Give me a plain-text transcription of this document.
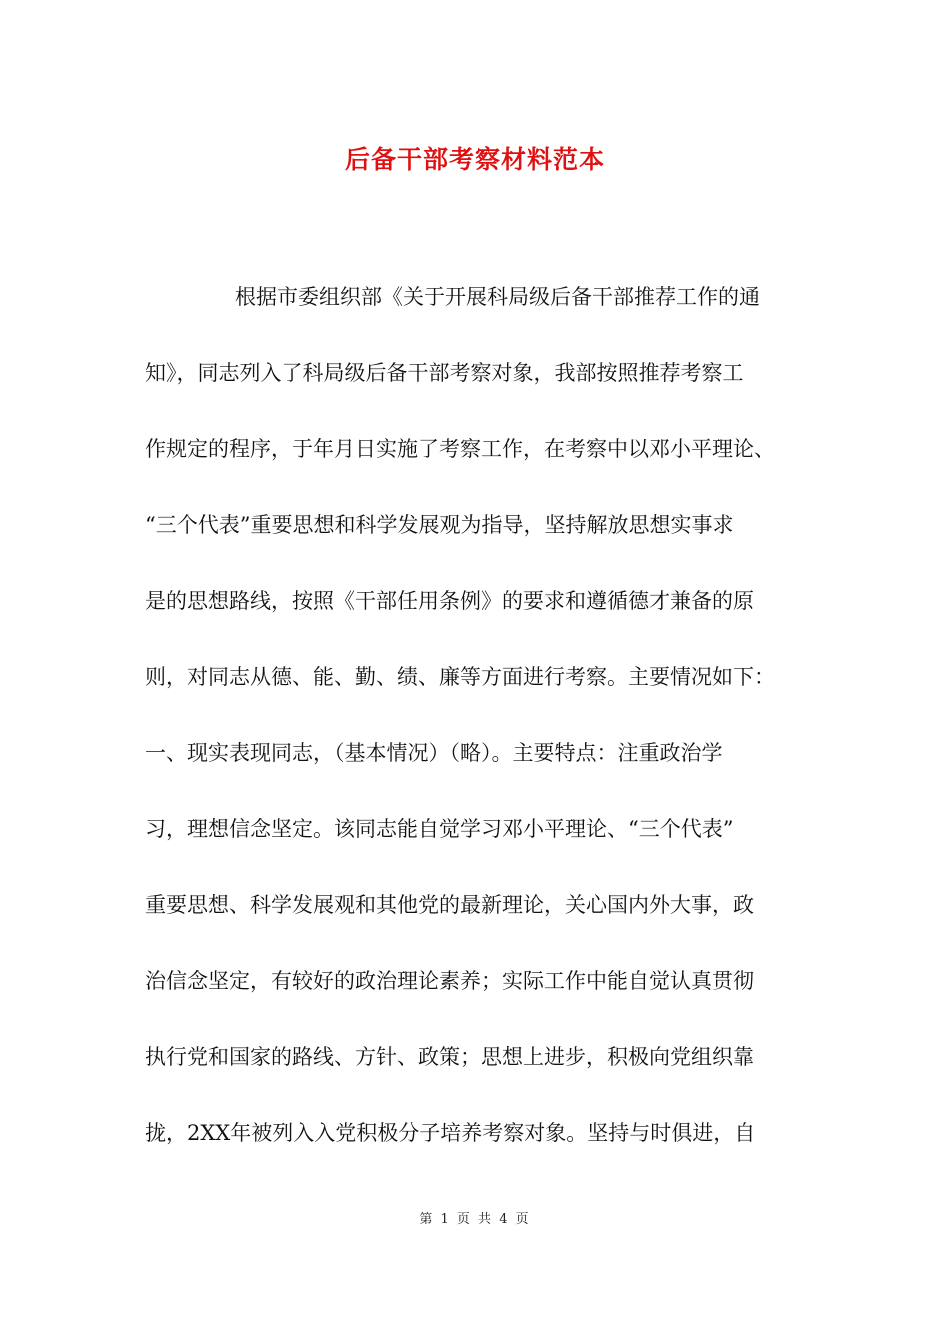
后备干部考察材料范本
根据市委组织部《关于开展科局级后备干部推荐工作的通
知》，同志列入了科局级后备干部考察对象，我部按照推荐考察工
作规定的程序，于年月日实施了考察工作，在考察中以邓小平理论、
“三个代表”重要思想和科学发展观为指导，坚持解放思想实事求
是的思想路线，按照《干部任用条例》的要求和遵循德才兼备的原
则，对同志从德、能、勤、绩、廉等方面进行考察。主要情况如下：
一、现实表现同志，（基本情况）（略）。主要特点：注重政治学
习，理想信念坚定。该同志能自觉学习邓小平理论、“三个代表”
重要思想、科学发展观和其他党的最新理论，关心国内外大事，政
治信念坚定，有较好的政治理论素养；实际工作中能自觉认真贯彻
执行党和国家的路线、方针、政策；思想上进步，积极向党组织靠
拢，2XX年被列入入党积极分子培养考察对象。坚持与时俱进，自
第 1 页 共 4 页
